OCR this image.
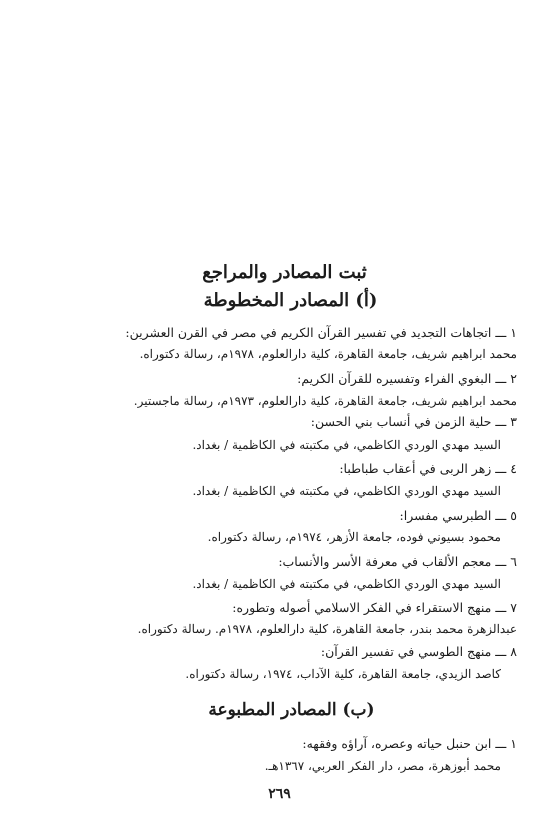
ثبت المصادر والمراجع
(أ) المصادر المخطوطة
١ ـــ اتجاهات التجديد في تفسير القرآن الكريم في مصر في القرن العشرين:
محمد ابراهيم شريف، جامعة القاهرة، كلية دارالعلوم، ١٩٧٨م، رسالة دكتوراه.
٢ ـــ البغوي الفراء وتفسيره للقرآن الكريم:
محمد ابراهيم شريف، جامعة القاهرة، كلية دارالعلوم، ١٩٧٣م، رسالة ماجستير.
٣ ـــ حلية الزمن في أنساب بني الحسن:
السيد مهدي الوردي الكاظمي، في مكتبته في الكاظمية / بغداد.
٤ ـــ زهر الربى في أعقاب طباطبا:
السيد مهدي الوردي الكاظمي، في مكتبته في الكاظمية / بغداد.
٥ ـــ الطبرسي مفسرا:
محمود بسيوني فوده، جامعة الأزهر، ١٩٧٤م، رسالة دكتوراه.
٦ ـــ معجم الألقاب في معرفة الأسر والأنساب:
السيد مهدي الوردي الكاظمي، في مكتبته في الكاظمية / بغداد.
٧ ـــ منهج الاستقراء في الفكر الاسلامي أصوله وتطوره:
عبدالزهرة محمد بندر، جامعة القاهرة، كلية دارالعلوم، ١٩٧٨م. رسالة دكتوراه.
٨ ـــ منهج الطوسي في تفسير القرآن:
كاصد الزيدي، جامعة القاهرة، كلية الآداب، ١٩٧٤، رسالة دكتوراه.
(ب) المصادر المطبوعة
١ ـــ ابن حنبل حياته وعصره، آراؤه وفقهه:
محمد أبوزهرة، مصر، دار الفكر العربي، ١٣٦٧هـ.
٢٦٩
